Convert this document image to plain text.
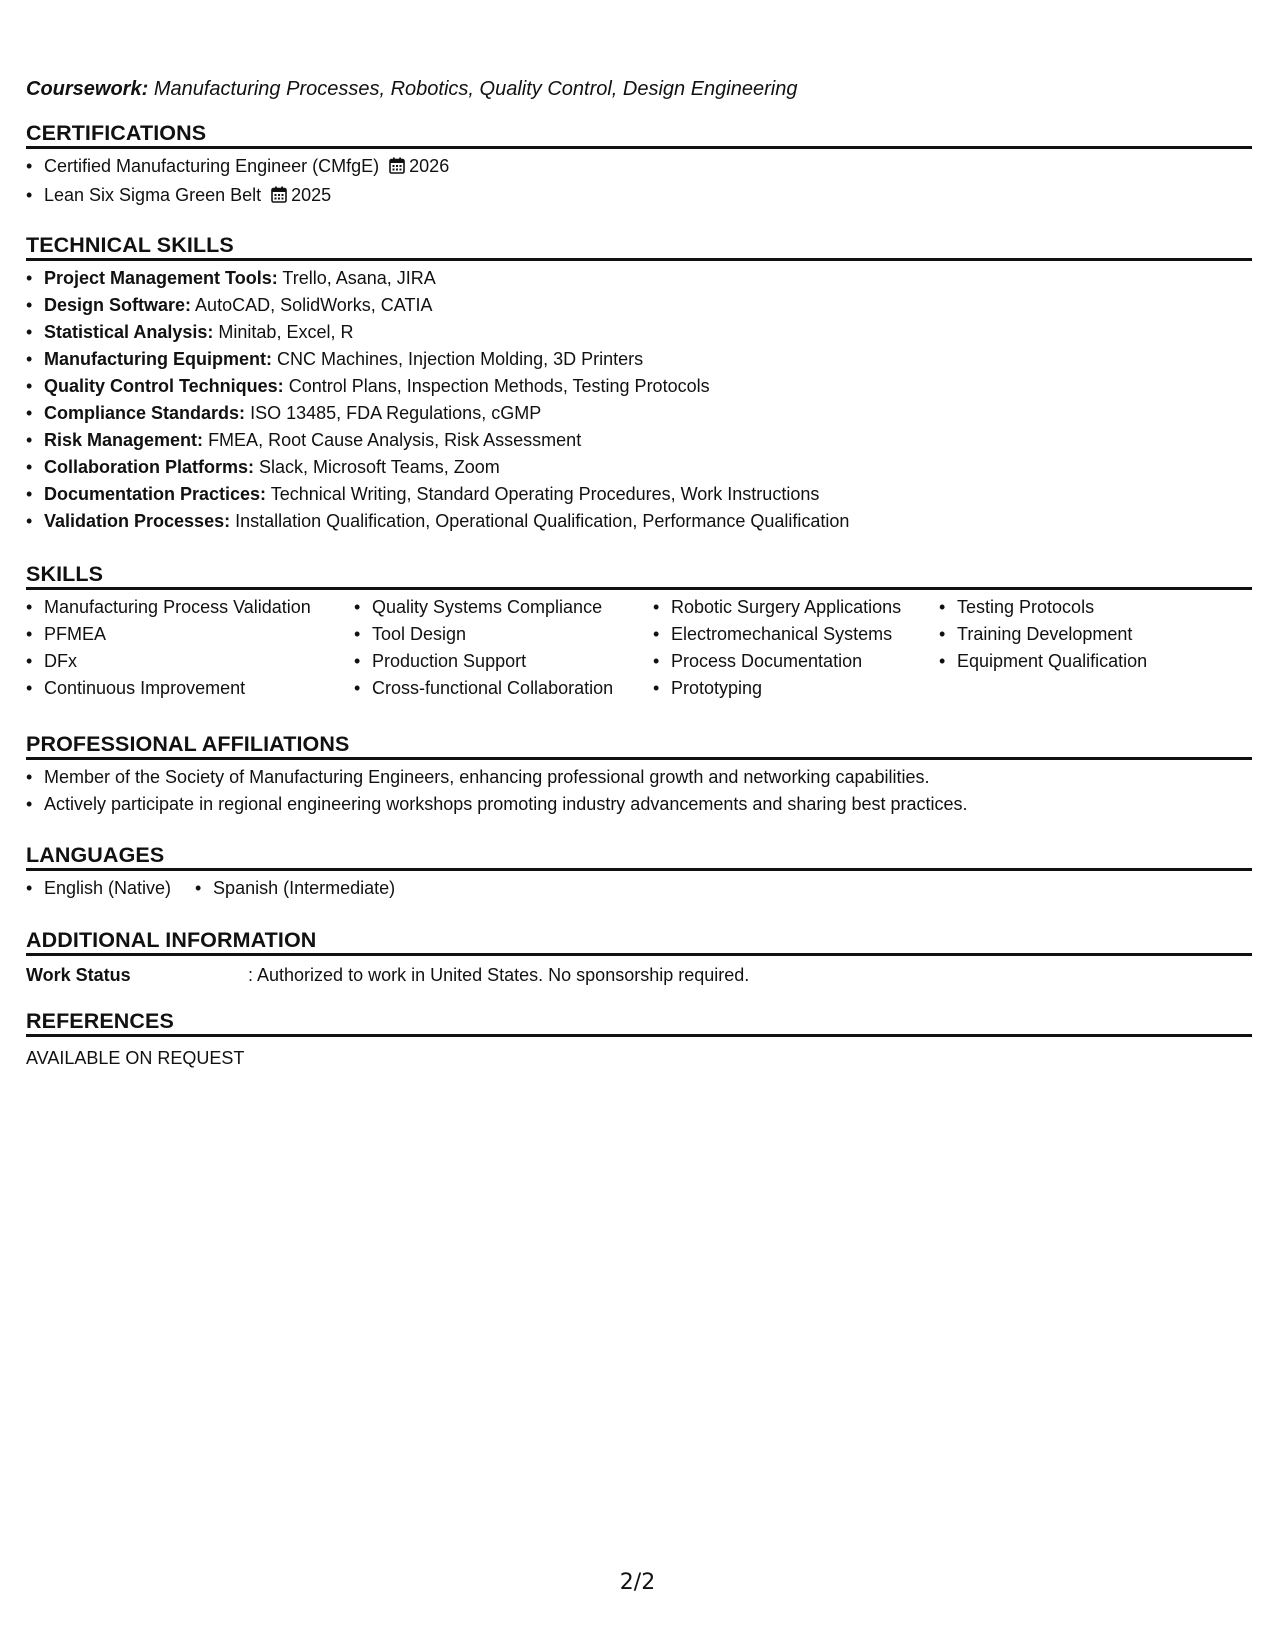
Coursework: Manufacturing Processes, Robotics, Quality Control, Design Engineering
CERTIFICATIONS
• Certified Manufacturing Engineer (CMfgE) 2026
• Lean Six Sigma Green Belt 2025
TECHNICAL SKILLS
• Project Management Tools: Trello, Asana, JIRA
• Design Software: AutoCAD, SolidWorks, CATIA
• Statistical Analysis: Minitab, Excel, R
• Manufacturing Equipment: CNC Machines, Injection Molding, 3D Printers
• Quality Control Techniques: Control Plans, Inspection Methods, Testing Protocols
• Compliance Standards: ISO 13485, FDA Regulations, cGMP
• Risk Management: FMEA, Root Cause Analysis, Risk Assessment
• Collaboration Platforms: Slack, Microsoft Teams, Zoom
• Documentation Practices: Technical Writing, Standard Operating Procedures, Work Instructions
• Validation Processes: Installation Qualification, Operational Qualification, Performance Qualification
SKILLS
• Manufacturing Process Validation
• PFMEA
• DFx
• Continuous Improvement
• Quality Systems Compliance
• Tool Design
• Production Support
• Cross-functional Collaboration
• Robotic Surgery Applications
• Electromechanical Systems
• Process Documentation
• Prototyping
• Testing Protocols
• Training Development
• Equipment Qualification
PROFESSIONAL AFFILIATIONS
• Member of the Society of Manufacturing Engineers, enhancing professional growth and networking capabilities.
• Actively participate in regional engineering workshops promoting industry advancements and sharing best practices.
LANGUAGES
• English (Native)
•	Spanish (Intermediate)
ADDITIONAL INFORMATION
Work Status	: Authorized to work in United States. No sponsorship required.
REFERENCES
AVAILABLE ON REQUEST
2/2
